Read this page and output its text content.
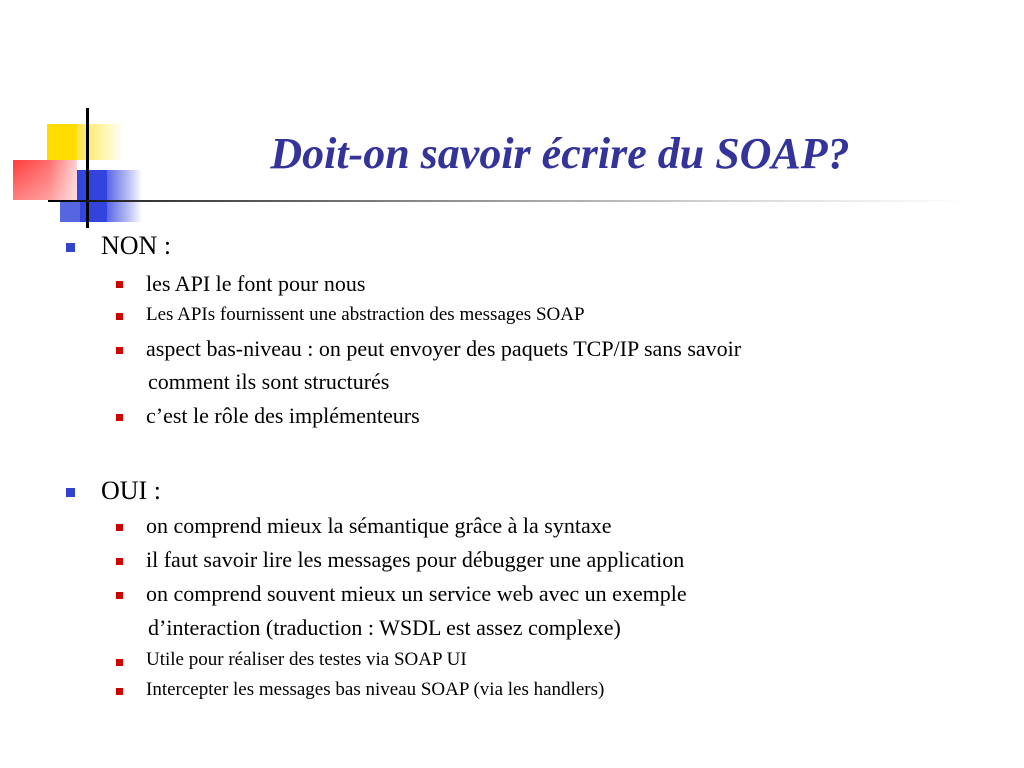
Doit-on savoir écrire du SOAP?
NON :
les API le font pour nous
Les APIs fournissent une abstraction des messages SOAP
aspect bas-niveau : on peut envoyer des paquets TCP/IP sans savoir
comment ils sont structurés
c’est le rôle des implémenteurs
OUI :
on comprend mieux la sémantique grâce à la syntaxe
il faut savoir lire les messages pour débugger une application
on comprend souvent mieux un service web avec un exemple
d’interaction (traduction : WSDL est assez complexe)
Utile pour réaliser des testes via SOAP UI
Intercepter les messages bas niveau SOAP (via les handlers)
